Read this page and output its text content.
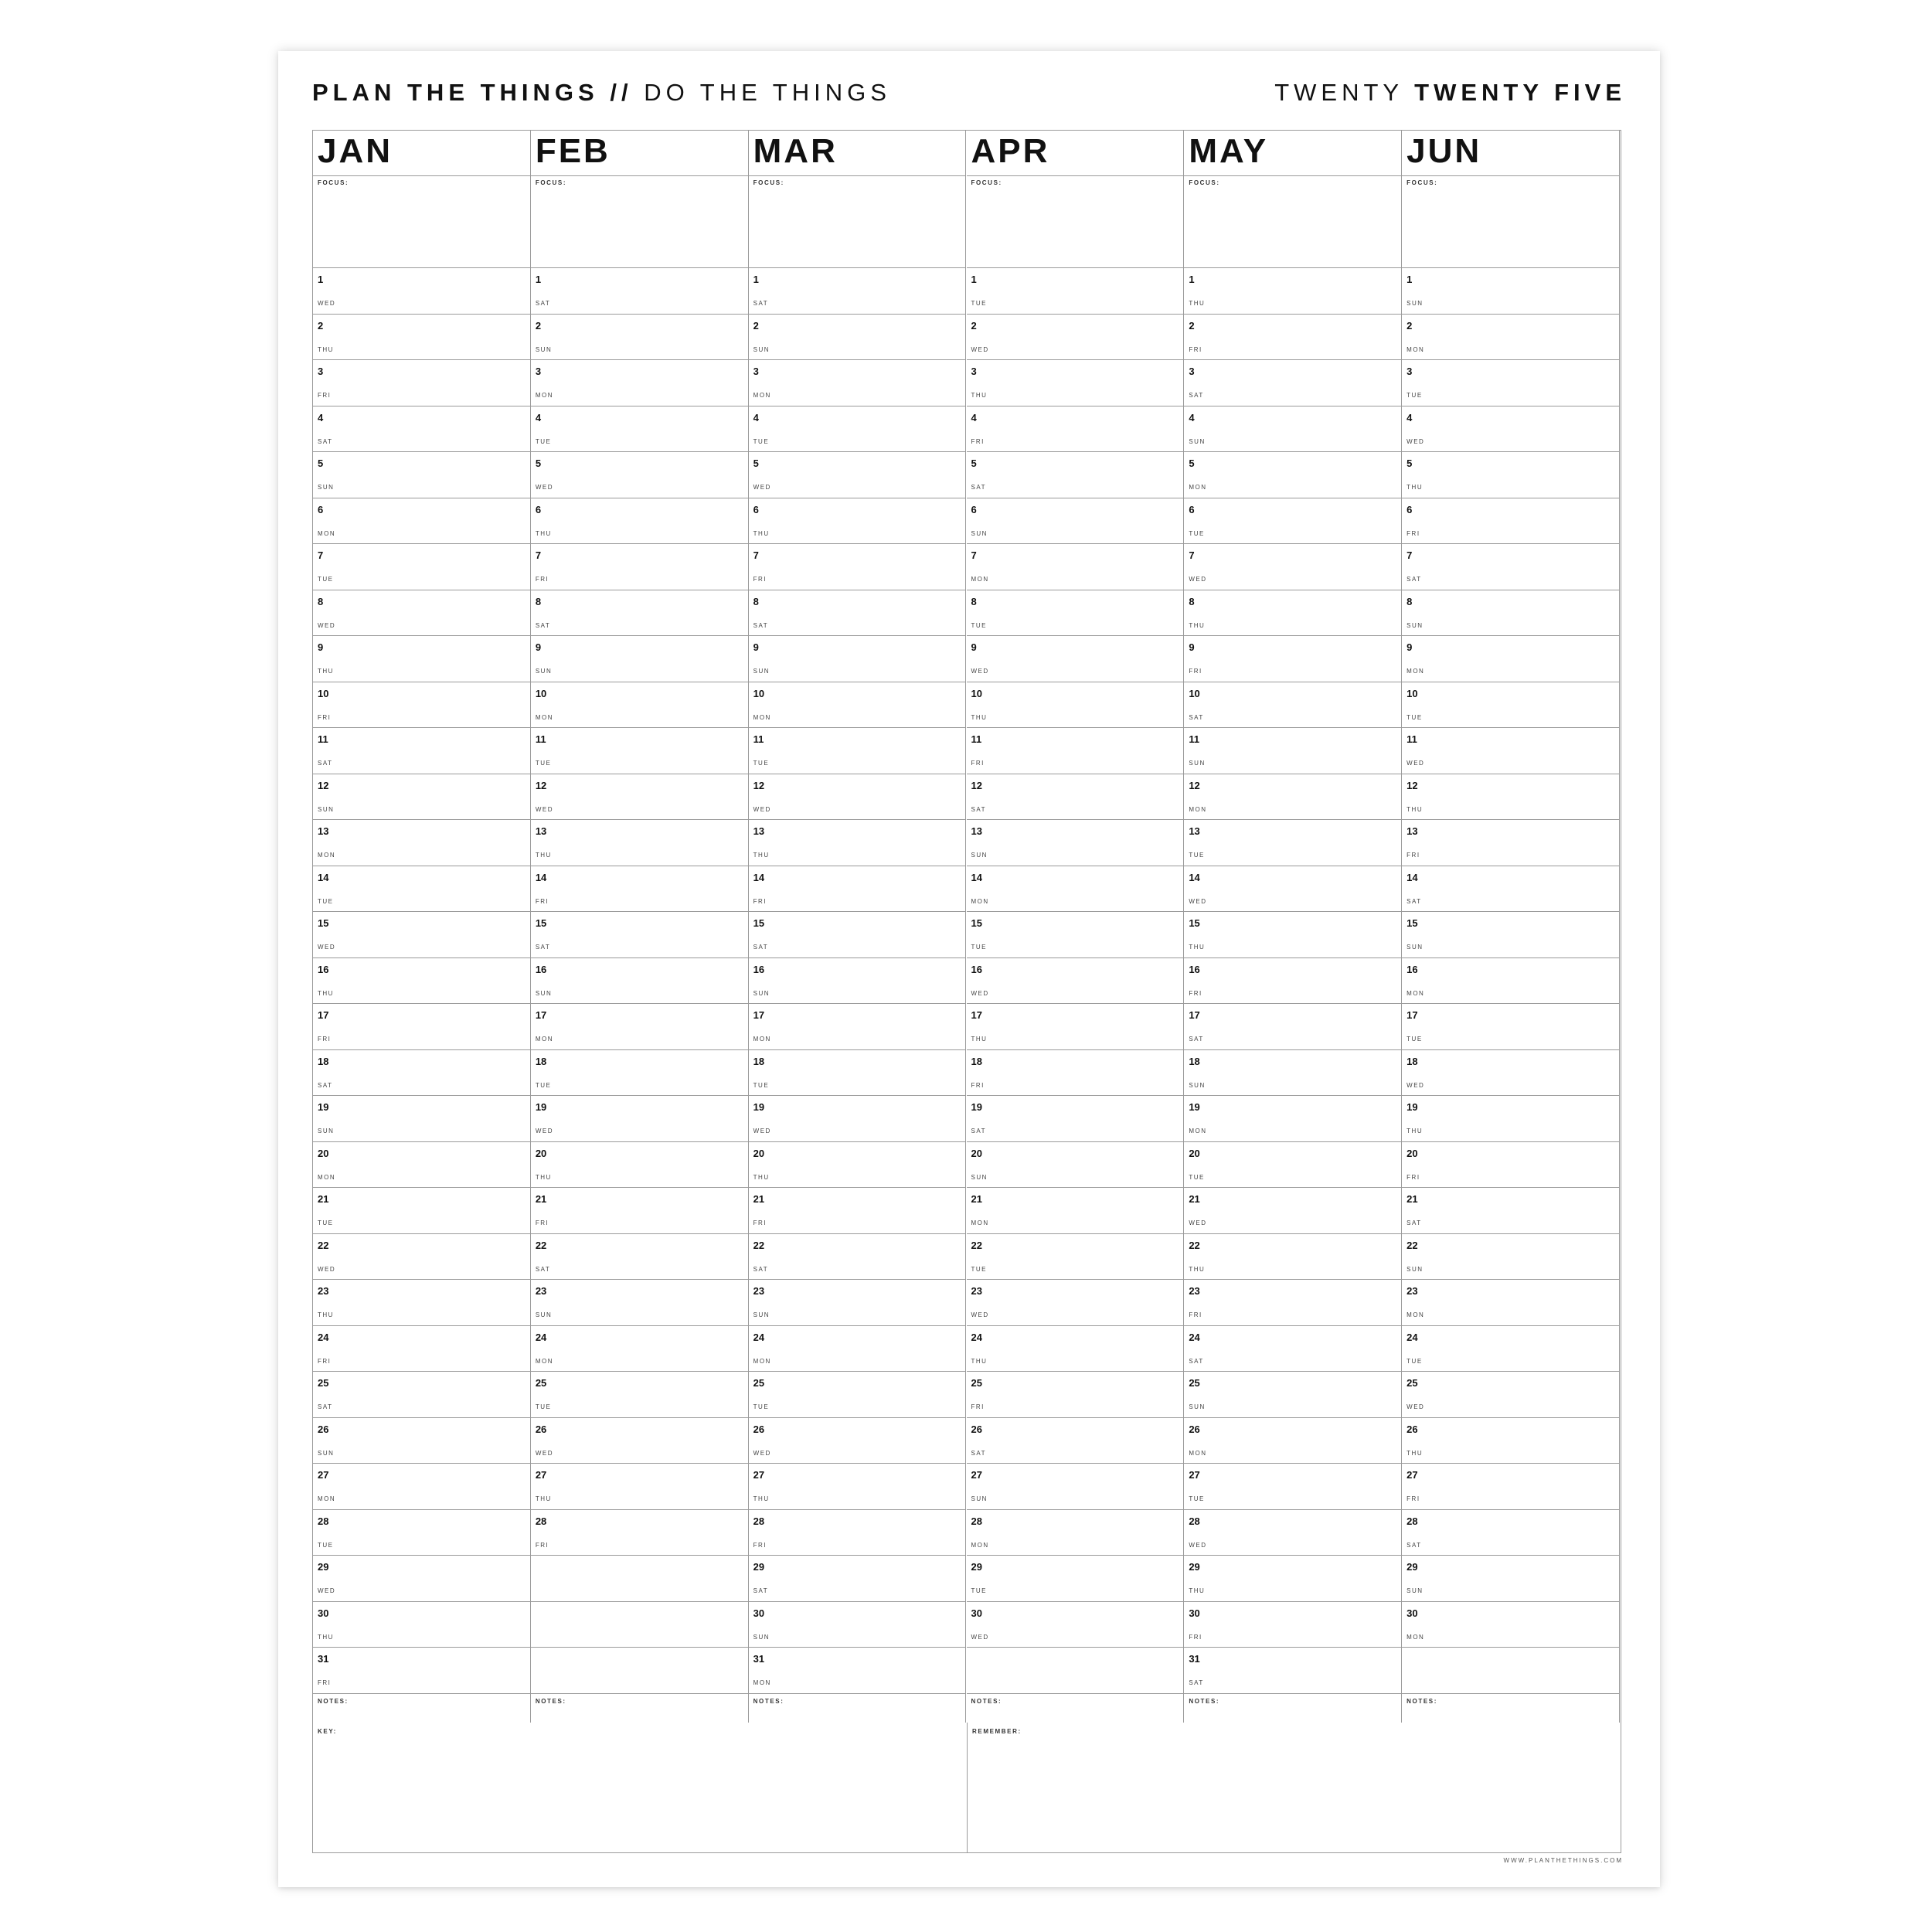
PLAN THE THINGS // DO THE THINGS	TWENTY TWENTY FIVE
JAN
FOCUS:
1
WED
2
THU
3
FRI
4
SAT
5
SUN
6
MON
7
TUE
8
WED
9
THU
10
FRI
11
SAT
12
SUN
13
MON
14
TUE
15
WED
16
THU
17
FRI
18
SAT
19
SUN
20
MON
21
TUE
22
WED
23
THU
24
FRI
25
SAT
26
SUN
27
MON
28
TUE
29
WED
30
THU
31
FRI
NOTES:
FEB
FOCUS:
1
SAT
2
SUN
3
MON
4
TUE
5
WED
6
THU
7
FRI
8
SAT
9
SUN
10
MON
11
TUE
12
WED
13
THU
14
FRI
15
SAT
16
SUN
17
MON
18
TUE
19
WED
20
THU
21
FRI
22
SAT
23
SUN
24
MON
25
TUE
26
WED
27
THU
28
FRI
NOTES:
MAR
FOCUS:
1
SAT
2
SUN
3
MON
4
TUE
5
WED
6
THU
7
FRI
8
SAT
9
SUN
10
MON
11
TUE
12
WED
13
THU
14
FRI
15
SAT
16
SUN
17
MON
18
TUE
19
WED
20
THU
21
FRI
22
SAT
23
SUN
24
MON
25
TUE
26
WED
27
THU
28
FRI
29
SAT
30
SUN
31
MON
NOTES:
APR
FOCUS:
1
TUE
2
WED
3
THU
4
FRI
5
SAT
6
SUN
7
MON
8
TUE
9
WED
10
THU
11
FRI
12
SAT
13
SUN
14
MON
15
TUE
16
WED
17
THU
18
FRI
19
SAT
20
SUN
21
MON
22
TUE
23
WED
24
THU
25
FRI
26
SAT
27
SUN
28
MON
29
TUE
30
WED
NOTES:
MAY
FOCUS:
1
THU
2
FRI
3
SAT
4
SUN
5
MON
6
TUE
7
WED
8
THU
9
FRI
10
SAT
11
SUN
12
MON
13
TUE
14
WED
15
THU
16
FRI
17
SAT
18
SUN
19
MON
20
TUE
21
WED
22
THU
23
FRI
24
SAT
25
SUN
26
MON
27
TUE
28
WED
29
THU
30
FRI
31
SAT
NOTES:
JUN
FOCUS:
1
SUN
2
MON
3
TUE
4
WED
5
THU
6
FRI
7
SAT
8
SUN
9
MON
10
TUE
11
WED
12
THU
13
FRI
14
SAT
15
SUN
16
MON
17
TUE
18
WED
19
THU
20
FRI
21
SAT
22
SUN
23
MON
24
TUE
25
WED
26
THU
27
FRI
28
SAT
29
SUN
30
MON
NOTES:
KEY:	REMEMBER:
WWW.PLANTHETHINGS.COM
